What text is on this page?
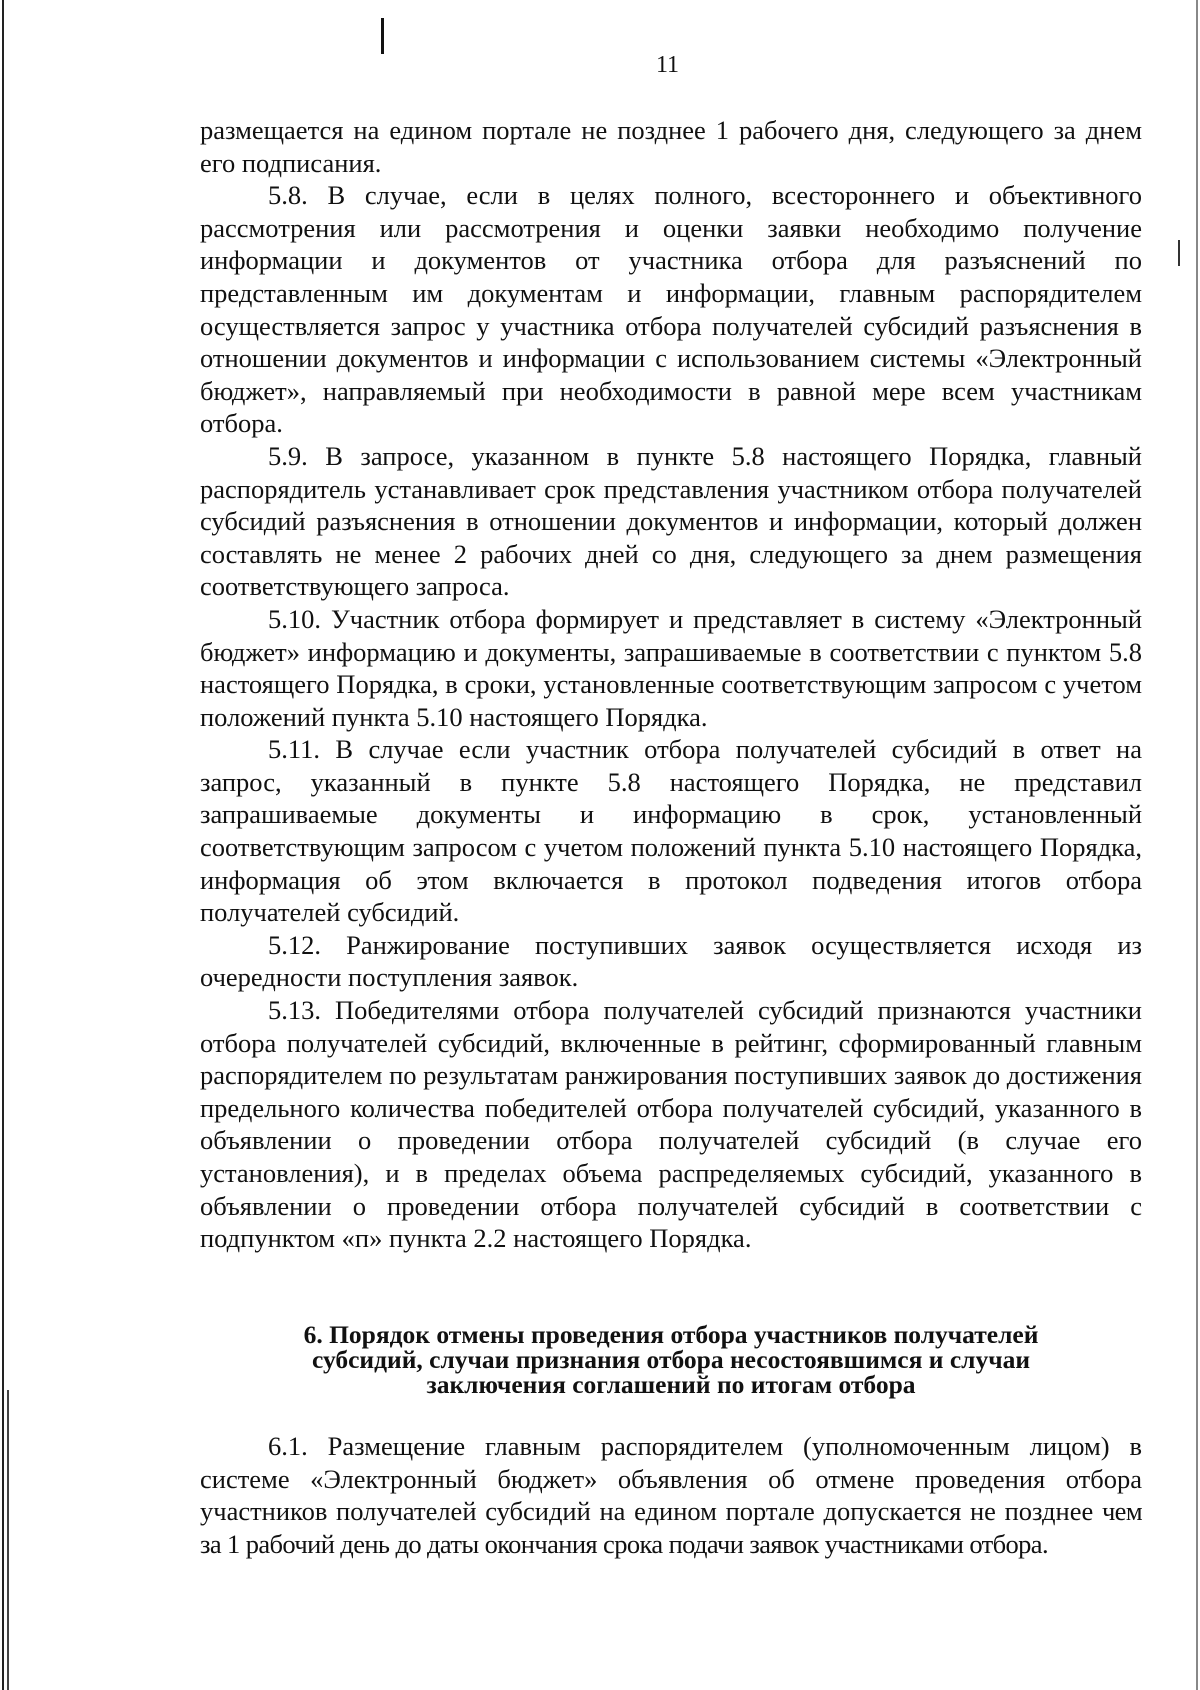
11

размещается на едином портале не позднее 1 рабочего дня, следующего за днем его подписания.

5.8. В случае, если в целях полного, всестороннего и объективного рассмотрения или рассмотрения и оценки заявки необходимо получение информации и документов от участника отбора для разъяснений по представленным им документам и информации, главным распорядителем осуществляется запрос у участника отбора получателей субсидий разъяснения в отношении документов и информации с использованием системы «Электронный бюджет», направляемый при необходимости в равной мере всем участникам отбора.

5.9. В запросе, указанном в пункте 5.8 настоящего Порядка, главный распорядитель устанавливает срок представления участником отбора получателей субсидий разъяснения в отношении документов и информации, который должен составлять не менее 2 рабочих дней со дня, следующего за днем размещения соответствующего запроса.

5.10. Участник отбора формирует и представляет в систему «Электронный бюджет» информацию и документы, запрашиваемые в соответствии с пунктом 5.8 настоящего Порядка, в сроки, установленные соответствующим запросом с учетом положений пункта 5.10 настоящего Порядка.

5.11. В случае если участник отбора получателей субсидий в ответ на запрос, указанный в пункте 5.8 настоящего Порядка, не представил запрашиваемые документы и информацию в срок, установленный соответствующим запросом с учетом положений пункта 5.10 настоящего Порядка, информация об этом включается в протокол подведения итогов отбора получателей субсидий.

5.12. Ранжирование поступивших заявок осуществляется исходя из очередности поступления заявок.

5.13. Победителями отбора получателей субсидий признаются участники отбора получателей субсидий, включенные в рейтинг, сформированный главным распорядителем по результатам ранжирования поступивших заявок до достижения предельного количества победителей отбора получателей субсидий, указанного в объявлении о проведении отбора получателей субсидий (в случае его установления), и в пределах объема распределяемых субсидий, указанного в объявлении о проведении отбора получателей субсидий в соответствии с подпунктом «п» пункта 2.2 настоящего Порядка.

6. Порядок отмены проведения отбора участников получателей
субсидий, случаи признания отбора несостоявшимся и случаи
заключения соглашений по итогам отбора

6.1. Размещение главным распорядителем (уполномоченным лицом) в системе «Электронный бюджет» объявления об отмене проведения отбора участников получателей субсидий на едином портале допускается не позднее чем за 1 рабочий день до даты окончания срока подачи заявок участниками отбора.
